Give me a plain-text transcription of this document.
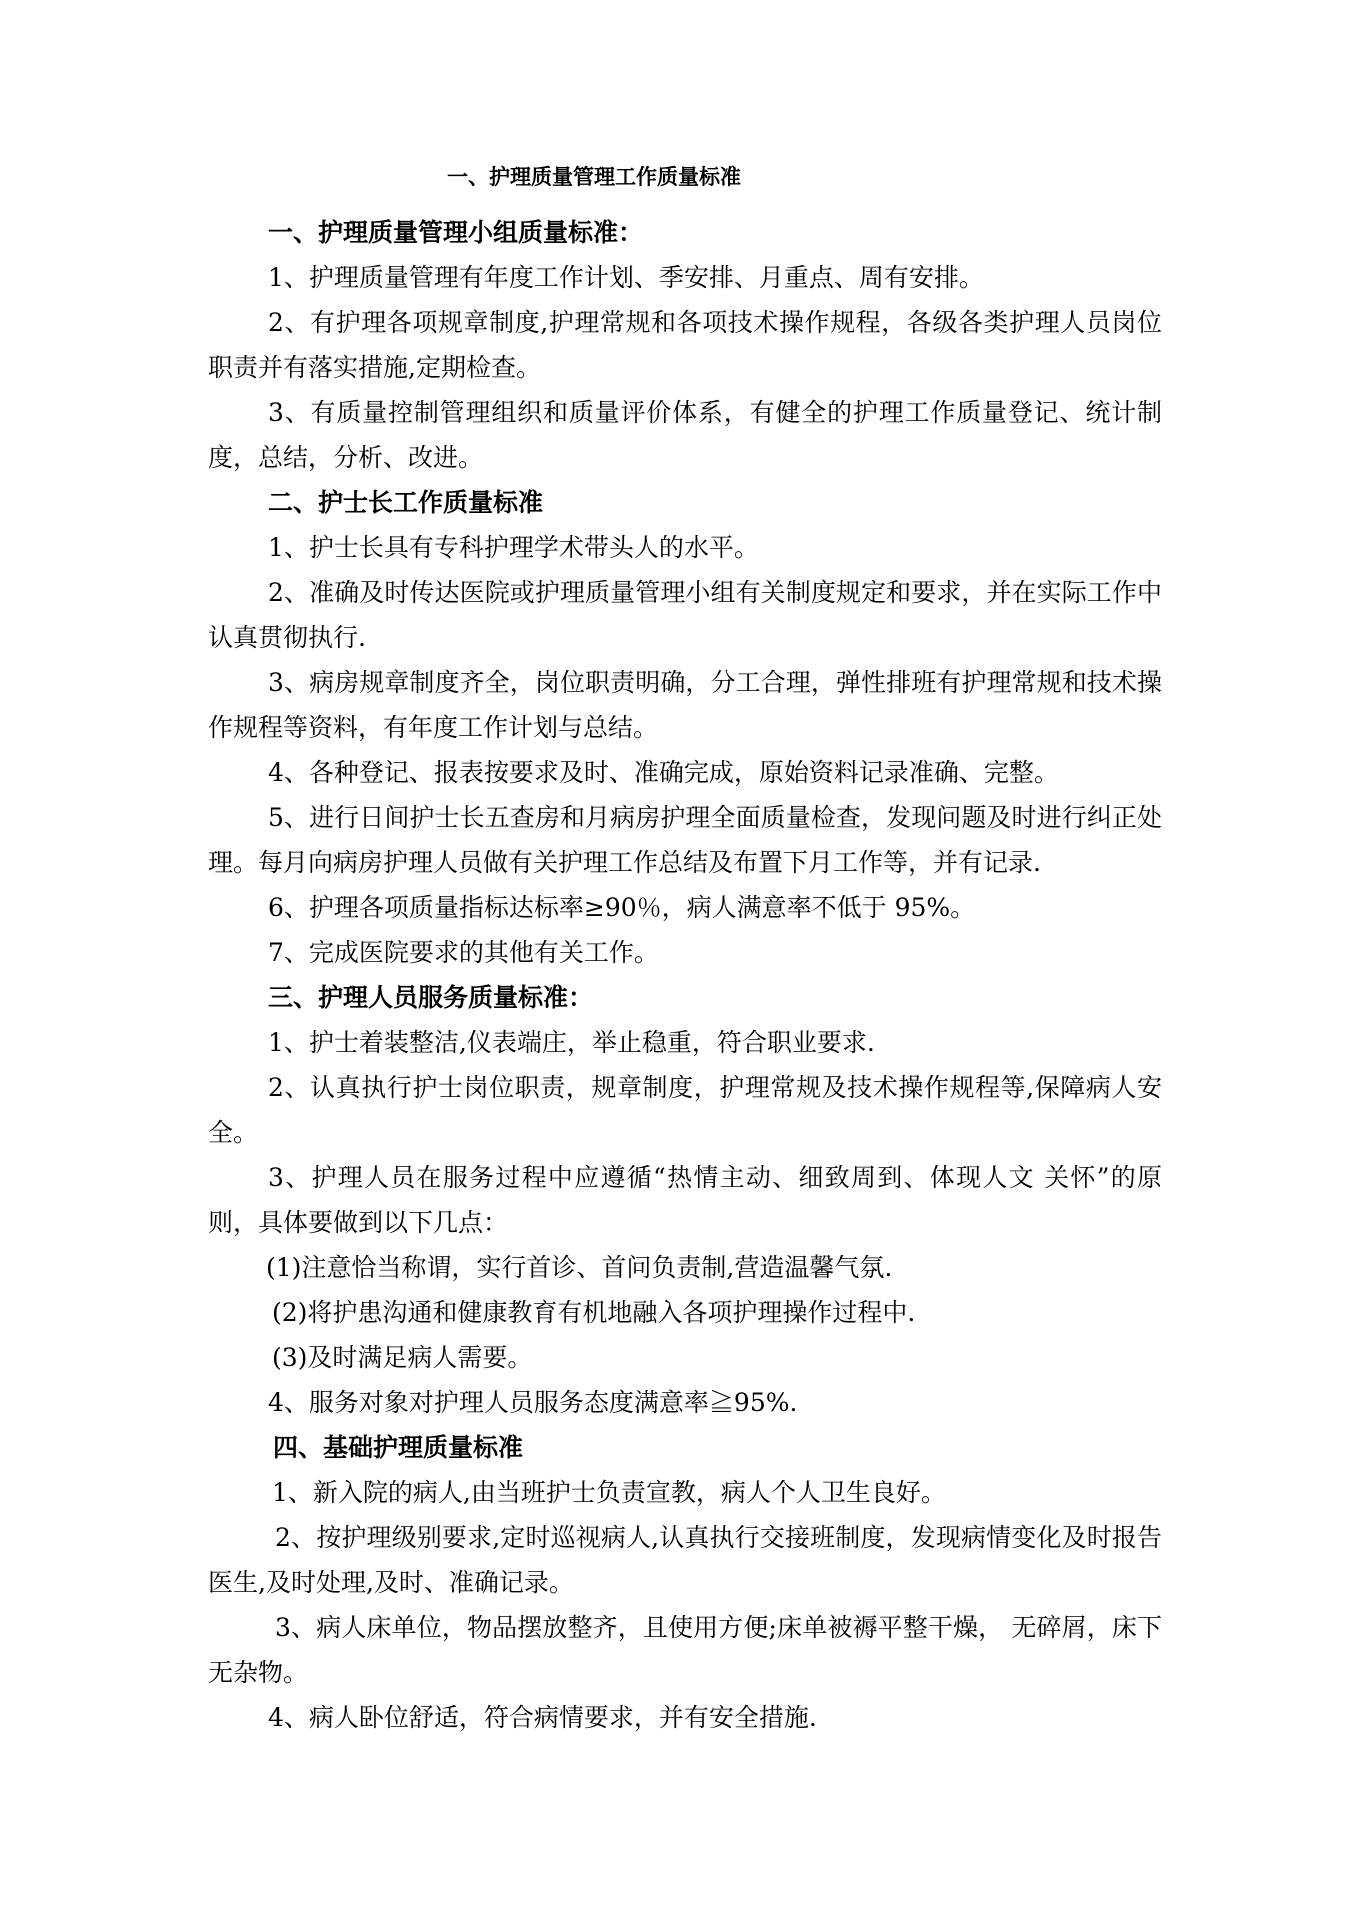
一、护理质量管理工作质量标准

一、护理质量管理小组质量标准：

1、护理质量管理有年度工作计划、季安排、月重点、周有安排。

2、有护理各项规章制度,护理常规和各项技术操作规程，各级各类护理人员岗位职责并有落实措施,定期检查。

3、有质量控制管理组织和质量评价体系，有健全的护理工作质量登记、统计制度，总结，分析、改进。

二、护士长工作质量标准

1、护士长具有专科护理学术带头人的水平。

2、准确及时传达医院或护理质量管理小组有关制度规定和要求，并在实际工作中认真贯彻执行.

3、病房规章制度齐全，岗位职责明确，分工合理，弹性排班有护理常规和技术操作规程等资料，有年度工作计划与总结。

4、各种登记、报表按要求及时、准确完成，原始资料记录准确、完整。

5、进行日间护士长五查房和月病房护理全面质量检查，发现问题及时进行纠正处理。每月向病房护理人员做有关护理工作总结及布置下月工作等，并有记录.

6、护理各项质量指标达标率≥90％，病人满意率不低于 95%。

7、完成医院要求的其他有关工作。

三、护理人员服务质量标准：

1、护士着装整洁,仪表端庄，举止稳重，符合职业要求.

2、认真执行护士岗位职责，规章制度，护理常规及技术操作规程等,保障病人安全。

3、护理人员在服务过程中应遵循“热情主动、细致周到、体现人文 关怀”的原则，具体要做到以下几点：

(1)注意恰当称谓，实行首诊、首问负责制,营造温馨气氛.

(2)将护患沟通和健康教育有机地融入各项护理操作过程中.

(3)及时满足病人需要。

4、服务对象对护理人员服务态度满意率≧95%.

四、基础护理质量标准

1、新入院的病人,由当班护士负责宣教，病人个人卫生良好。

2、按护理级别要求,定时巡视病人,认真执行交接班制度，发现病情变化及时报告医生,及时处理,及时、准确记录。

3、病人床单位，物品摆放整齐，且使用方便;床单被褥平整干燥， 无碎屑，床下无杂物。

4、病人卧位舒适，符合病情要求，并有安全措施.
